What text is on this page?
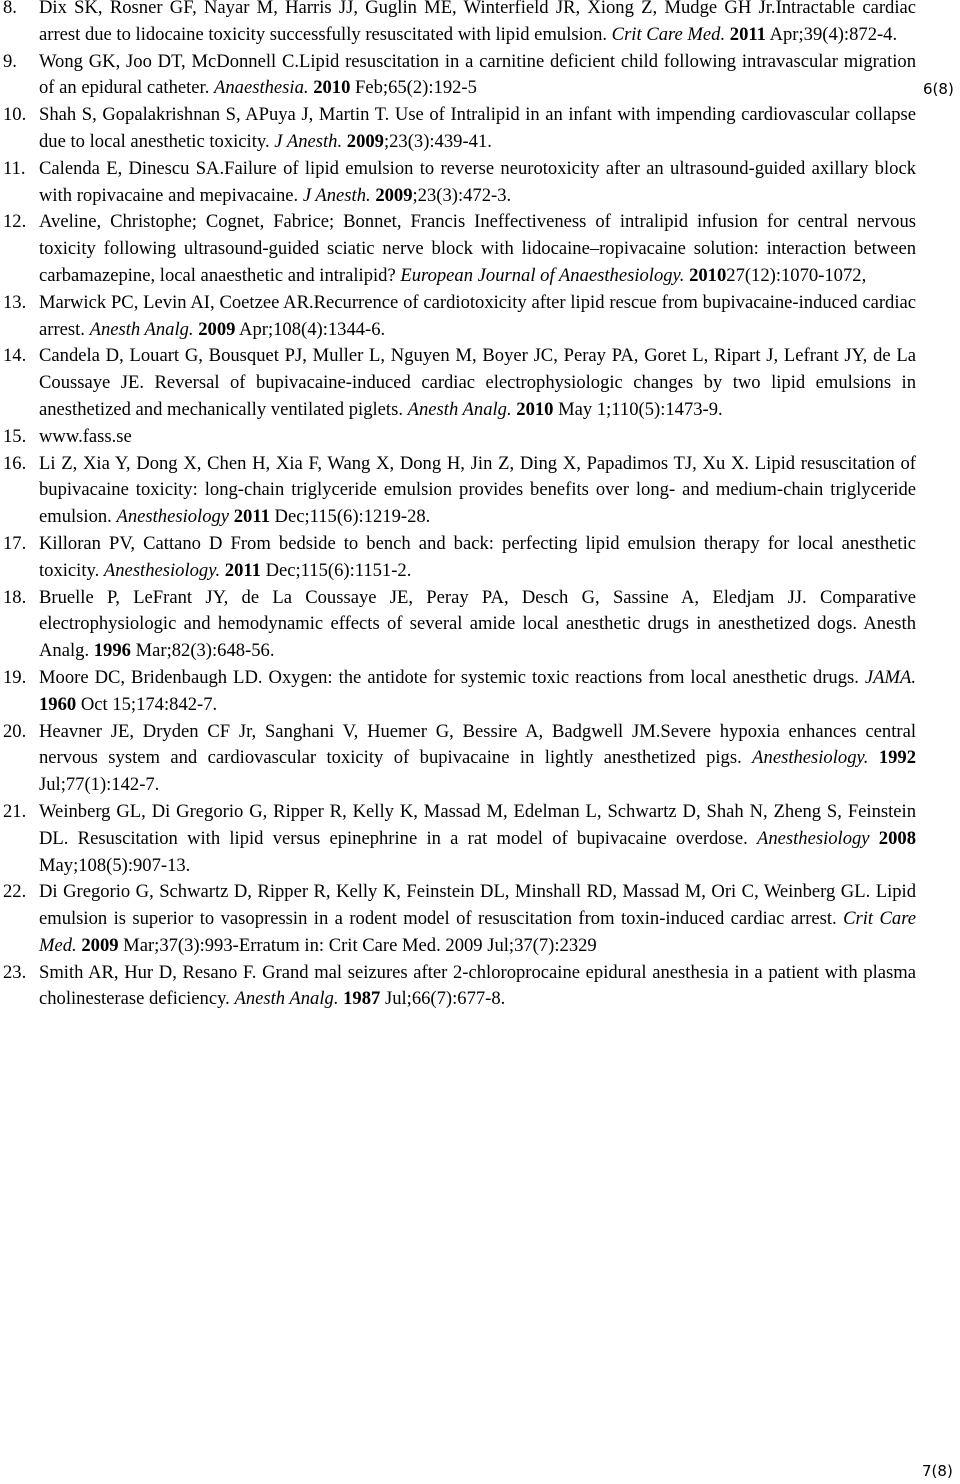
8. Dix SK, Rosner GF, Nayar M, Harris JJ, Guglin ME, Winterfield JR, Xiong Z, Mudge GH Jr.Intractable cardiac arrest due to lidocaine toxicity successfully resuscitated with lipid emulsion. Crit Care Med. 2011 Apr;39(4):872-4.
9. Wong GK, Joo DT, McDonnell C.Lipid resuscitation in a carnitine deficient child following intravascular migration of an epidural catheter. Anaesthesia. 2010 Feb;65(2):192-5
10. Shah S, Gopalakrishnan S, APuya J, Martin T. Use of Intralipid in an infant with impending cardiovascular collapse due to local anesthetic toxicity. J Anesth. 2009;23(3):439-41.
11. Calenda E, Dinescu SA.Failure of lipid emulsion to reverse neurotoxicity after an ultrasound-guided axillary block with ropivacaine and mepivacaine. J Anesth. 2009;23(3):472-3.
12. Aveline, Christophe; Cognet, Fabrice; Bonnet, Francis Ineffectiveness of intralipid infusion for central nervous toxicity following ultrasound-guided sciatic nerve block with lidocaine–ropivacaine solution: interaction between carbamazepine, local anaesthetic and intralipid? European Journal of Anaesthesiology. 201027(12):1070-1072,
13. Marwick PC, Levin AI, Coetzee AR.Recurrence of cardiotoxicity after lipid rescue from bupivacaine-induced cardiac arrest. Anesth Analg. 2009 Apr;108(4):1344-6.
14. Candela D, Louart G, Bousquet PJ, Muller L, Nguyen M, Boyer JC, Peray PA, Goret L, Ripart J, Lefrant JY, de La Coussaye JE. Reversal of bupivacaine-induced cardiac electrophysiologic changes by two lipid emulsions in anesthetized and mechanically ventilated piglets. Anesth Analg. 2010 May 1;110(5):1473-9.
15. www.fass.se
16. Li Z, Xia Y, Dong X, Chen H, Xia F, Wang X, Dong H, Jin Z, Ding X, Papadimos TJ, Xu X. Lipid resuscitation of bupivacaine toxicity: long-chain triglyceride emulsion provides benefits over long- and medium-chain triglyceride emulsion. Anesthesiology 2011 Dec;115(6):1219-28.
17. Killoran PV, Cattano D From bedside to bench and back: perfecting lipid emulsion therapy for local anesthetic toxicity. Anesthesiology. 2011 Dec;115(6):1151-2.
18. Bruelle P, LeFrant JY, de La Coussaye JE, Peray PA, Desch G, Sassine A, Eledjam JJ. Comparative electrophysiologic and hemodynamic effects of several amide local anesthetic drugs in anesthetized dogs. Anesth Analg. 1996 Mar;82(3):648-56.
19. Moore DC, Bridenbaugh LD. Oxygen: the antidote for systemic toxic reactions from local anesthetic drugs. JAMA. 1960 Oct 15;174:842-7.
20. Heavner JE, Dryden CF Jr, Sanghani V, Huemer G, Bessire A, Badgwell JM.Severe hypoxia enhances central nervous system and cardiovascular toxicity of bupivacaine in lightly anesthetized pigs. Anesthesiology. 1992 Jul;77(1):142-7.
21. Weinberg GL, Di Gregorio G, Ripper R, Kelly K, Massad M, Edelman L, Schwartz D, Shah N, Zheng S, Feinstein DL. Resuscitation with lipid versus epinephrine in a rat model of bupivacaine overdose. Anesthesiology 2008 May;108(5):907-13.
22. Di Gregorio G, Schwartz D, Ripper R, Kelly K, Feinstein DL, Minshall RD, Massad M, Ori C, Weinberg GL. Lipid emulsion is superior to vasopressin in a rodent model of resuscitation from toxin-induced cardiac arrest. Crit Care Med. 2009 Mar;37(3):993-Erratum in: Crit Care Med. 2009 Jul;37(7):2329
23. Smith AR, Hur D, Resano F. Grand mal seizures after 2-chloroprocaine epidural anesthesia in a patient with plasma cholinesterase deficiency. Anesth Analg. 1987 Jul;66(7):677-8.
6(8)
7(8)
